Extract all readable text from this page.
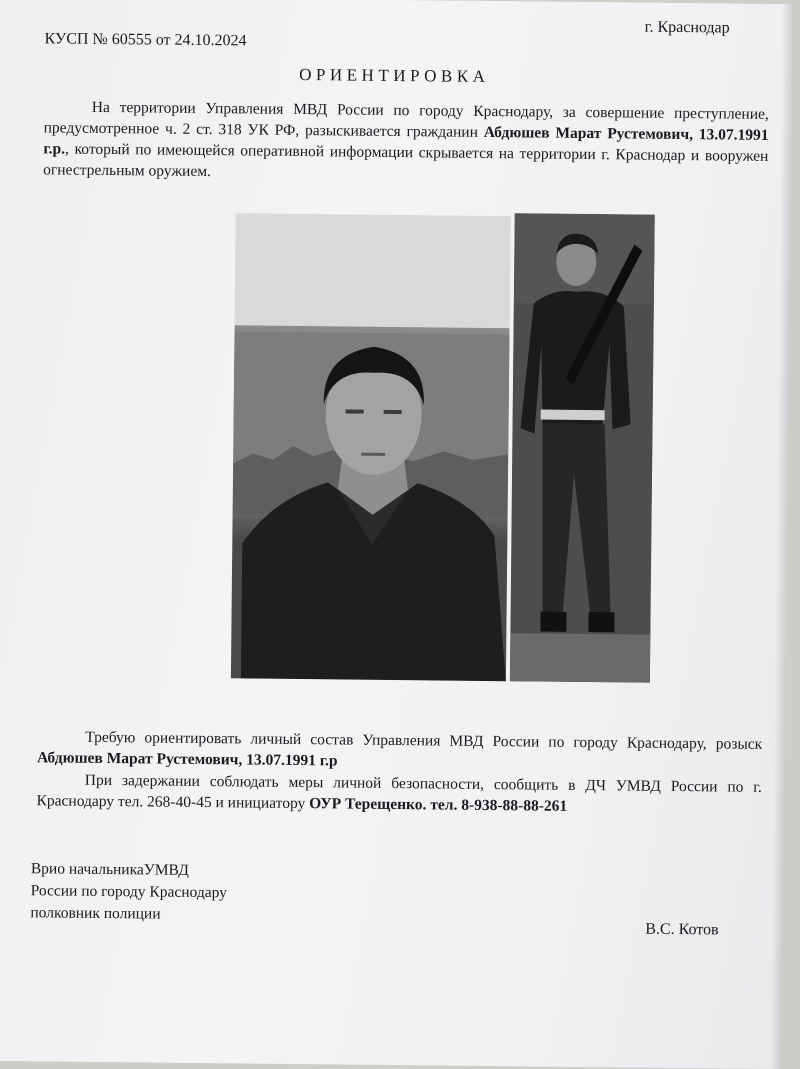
г. Краснодар
КУСП № 60555 от 24.10.2024
ОРИЕНТИРОВКА
На территории Управления МВД России по городу Краснодару, за совершение преступление, предусмотренное ч. 2 ст. 318 УК РФ, разыскивается гражданин Абдюшев Марат Рустемович, 13.07.1991 г.р., который по имеющейся оперативной информации скрывается на территории г. Краснодар и вооружен огнестрельным оружием.
Требую ориентировать личный состав Управления МВД России по городу Краснодару, розыск Абдюшев Марат Рустемович, 13.07.1991 г.р
При задержании соблюдать меры личной безопасности, сообщить в ДЧ УМВД России по г. Краснодару тел. 268-40-45 и инициатору ОУР Терещенко. тел. 8-938-88-88-261
Врио начальникаУМВД
России по городу Краснодару
полковник полиции
В.С. Котов
